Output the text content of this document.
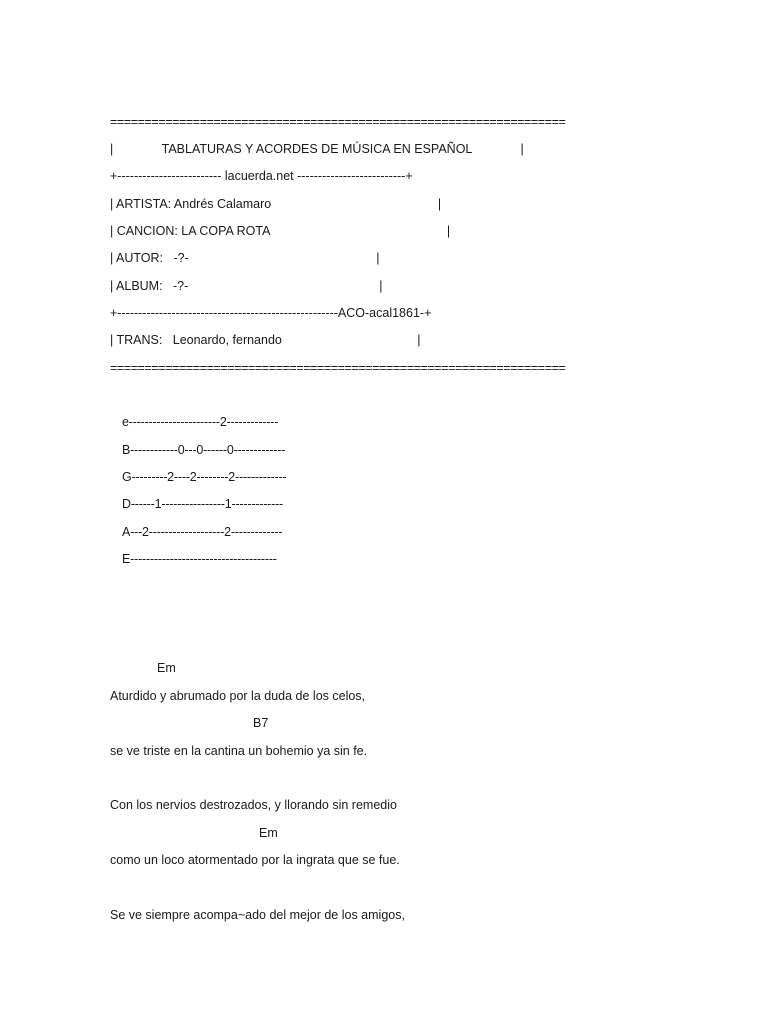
==================================================================
|              TABLATURAS Y ACORDES DE MÚSICA EN ESPAÑOL              |
+------------------------- lacuerda.net --------------------------+
| ARTISTA: Andrés Calamaro                                                |
| CANCION: LA COPA ROTA                                                   |
| AUTOR:   -?-                                                      |
| ALBUM:   -?-                                                       |
+-----------------------------------------------------ACO-acal1861-+
| TRANS:   Leonardo, fernando                                       |
==================================================================
e-----------------------2-------------
B------------0---0------0-------------
G---------2----2--------2-------------
D------1----------------1-------------
A---2-------------------2-------------
E-------------------------------------
Em
Aturdido y abrumado por la duda de los celos,
B7
se ve triste en la cantina un bohemio ya sin fe.
Con los nervios destrozados, y llorando sin remedio
Em
como un loco atormentado por la ingrata que se fue.
Se ve siempre acompa~ado del mejor de los amigos,
